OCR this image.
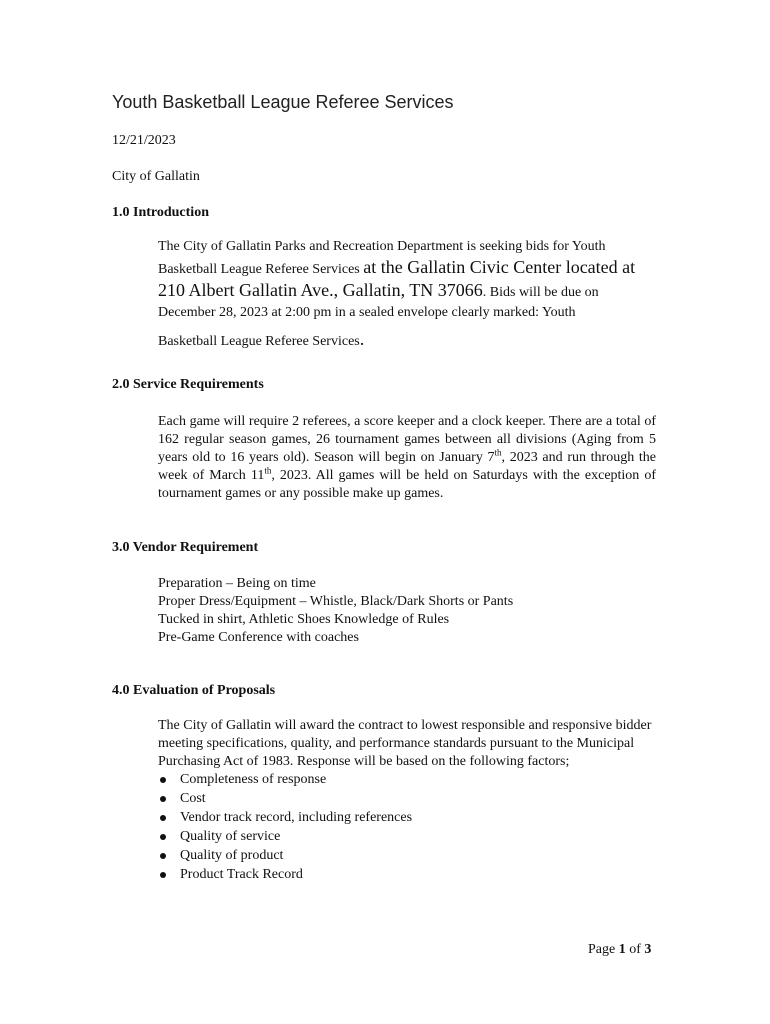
Youth Basketball League Referee Services
12/21/2023
City of Gallatin
1.0 Introduction
The City of Gallatin Parks and Recreation Department is seeking bids for Youth
Basketball League Referee Services at the Gallatin Civic Center located at
210 Albert Gallatin Ave., Gallatin, TN 37066. Bids will be due on
December 28, 2023 at 2:00 pm in a sealed envelope clearly marked: Youth
Basketball League Referee Services.
2.0 Service Requirements
Each game will require 2 referees, a score keeper and a clock keeper. There are a total of 162 regular season games, 26 tournament games between all divisions (Aging from 5 years old to 16 years old). Season will begin on January 7th, 2023 and run through the week of March 11th, 2023. All games will be held on Saturdays with the exception of tournament games or any possible make up games.
3.0 Vendor Requirement
Preparation – Being on time
Proper Dress/Equipment – Whistle, Black/Dark Shorts or Pants
Tucked in shirt, Athletic Shoes Knowledge of Rules
Pre-Game Conference with coaches
4.0 Evaluation of Proposals
The City of Gallatin will award the contract to lowest responsible and responsive bidder meeting specifications, quality, and performance standards pursuant to the Municipal Purchasing Act of 1983. Response will be based on the following factors;
Completeness of response
Cost
Vendor track record, including references
Quality of service
Quality of product
Product Track Record
Page 1 of 3
